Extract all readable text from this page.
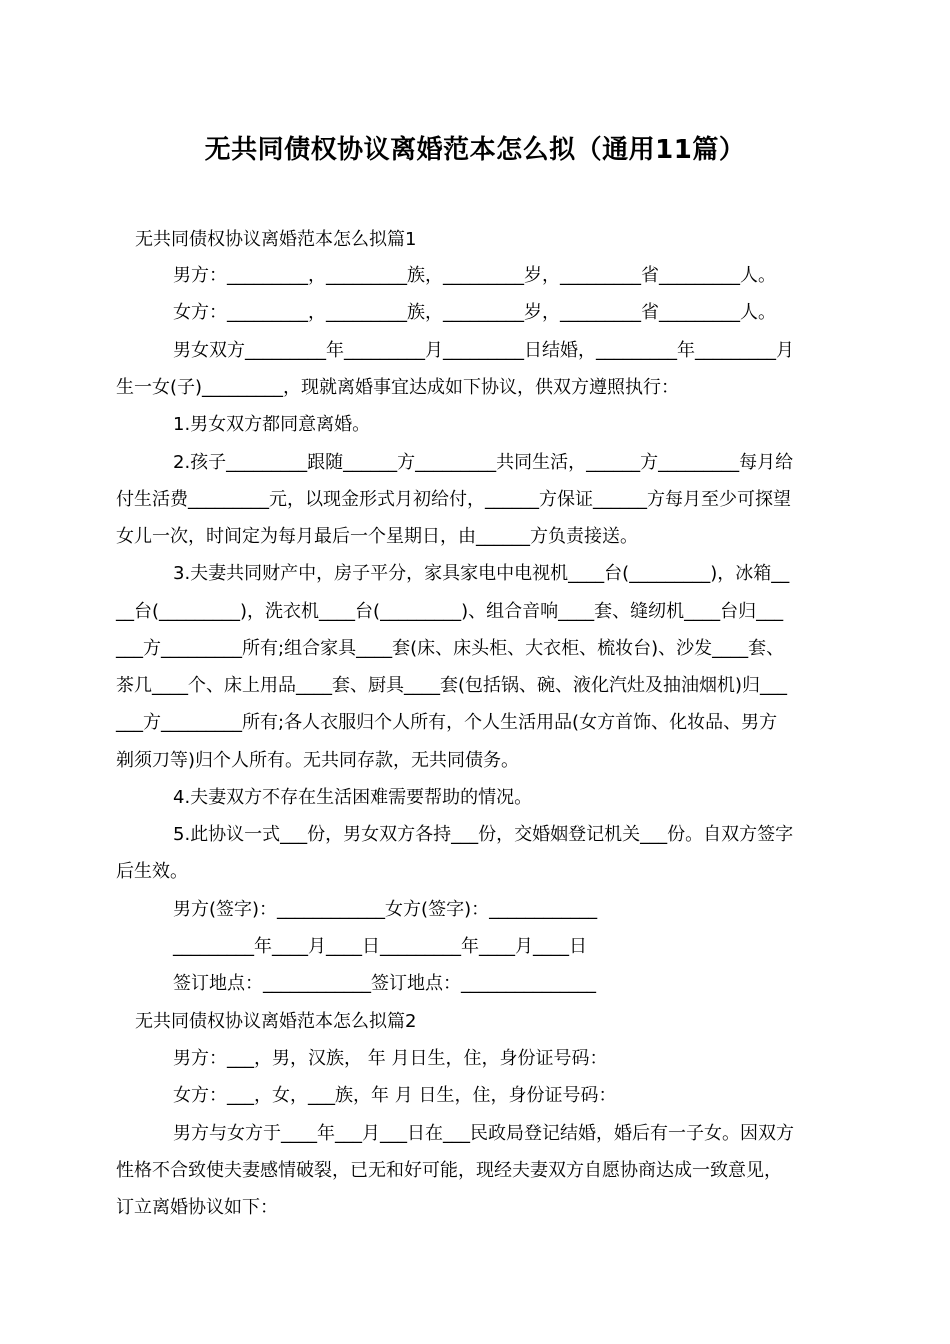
无共同债权协议离婚范本怎么拟（通用11篇）
无共同债权协议离婚范本怎么拟篇1
男方：_________，_________族，_________岁，_________省_________人。
女方：_________，_________族，_________岁，_________省_________人。
男女双方_________年_________月_________日结婚，_________年_________月
生一女(子)_________，现就离婚事宜达成如下协议，供双方遵照执行：
1.男女双方都同意离婚。
2.孩子_________跟随______方_________共同生活，______方_________每月给
付生活费_________元，以现金形式月初给付，______方保证______方每月至少可探望
女儿一次，时间定为每月最后一个星期日，由______方负责接送。
3.夫妻共同财产中，房子平分，家具家电中电视机____台(_________)，冰箱__
__台(_________)，洗衣机____台(_________)、组合音响____套、缝纫机____台归___
___方_________所有;组合家具____套(床、床头柜、大衣柜、梳妆台)、沙发____套、
茶几____个、床上用品____套、厨具____套(包括锅、碗、液化汽灶及抽油烟机)归___
___方_________所有;各人衣服归个人所有，个人生活用品(女方首饰、化妆品、男方
剃须刀等)归个人所有。无共同存款，无共同债务。
4.夫妻双方不存在生活困难需要帮助的情况。
5.此协议一式___份，男女双方各持___份，交婚姻登记机关___份。自双方签字
后生效。
男方(签字)：____________女方(签字)：____________
_________年____月____日_________年____月____日
签订地点：____________签订地点：_______________
无共同债权协议离婚范本怎么拟篇2
男方：___，男，汉族， 年 月日生，住，身份证号码：
女方：___，女，___族，年 月 日生，住，身份证号码：
男方与女方于____年___月___日在___民政局登记结婚，婚后有一子女。因双方
性格不合致使夫妻感情破裂，已无和好可能，现经夫妻双方自愿协商达成一致意见，
订立离婚协议如下：
